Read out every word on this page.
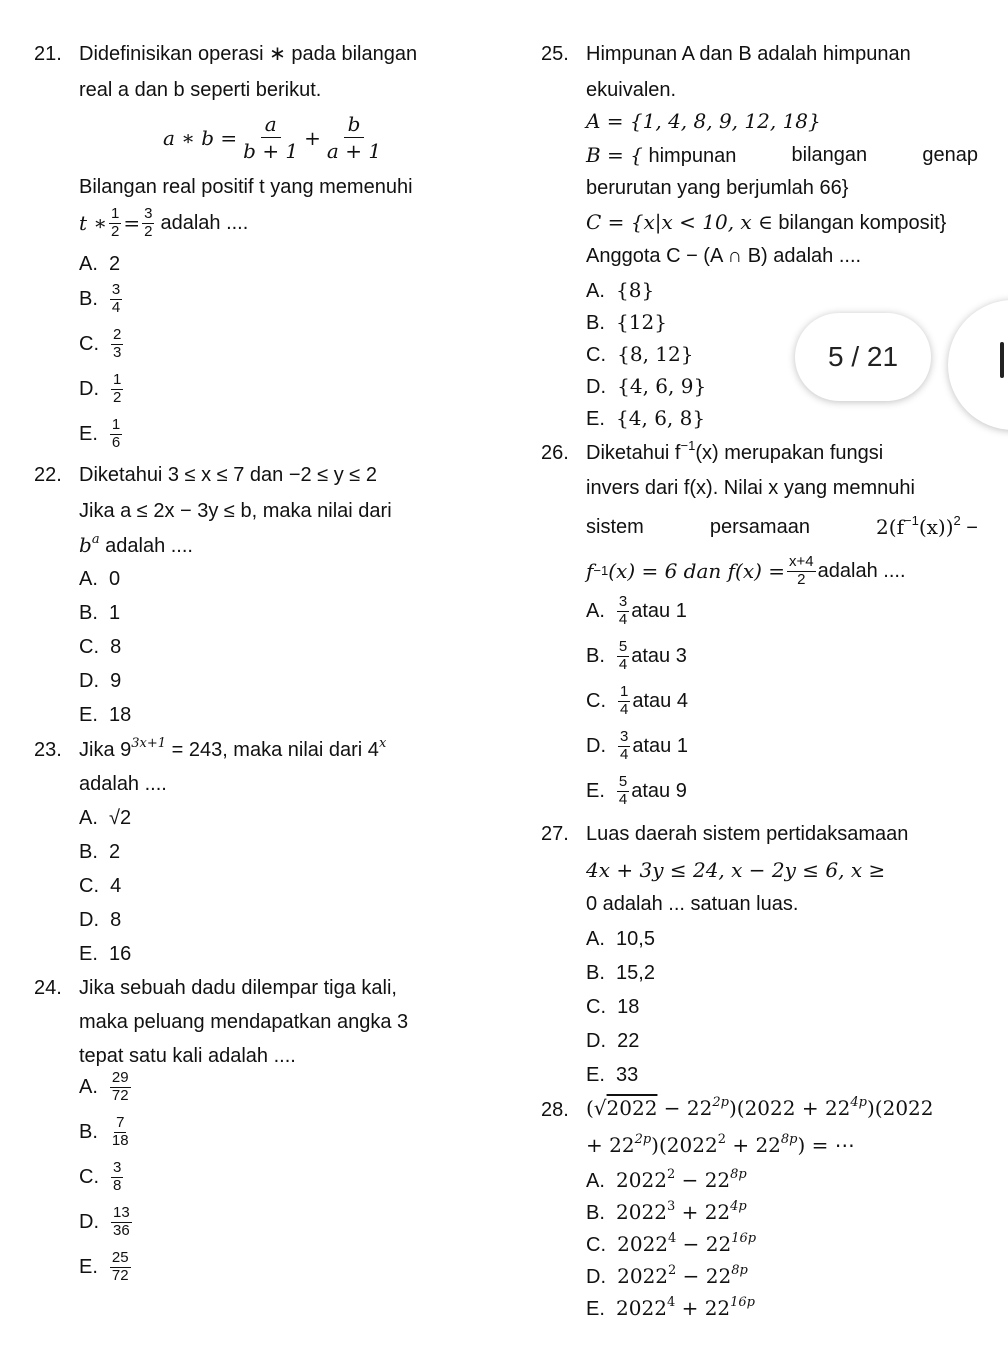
21. Didefinisikan operasi ∗ pada bilangan
real a dan b seperti berikut.
a ∗ $b = \frac{a}{b + 1} + \frac{b}{a + 1}$
Bilangan real positif t yang memenuhi
t ∗ $\frac{1}{2} = \frac{3}{2}$ adalah ....
A. 2
B. $\frac{3}{4}$
C. $\frac{2}{3}$
D. $\frac{1}{2}$
E. $\frac{1}{6}$
22. Diketahui 3 ≤ x ≤ 7 dan −2 ≤ y ≤ 2
Jika a ≤ 2x − 3y ≤ b, maka nilai dari
$b^a$ adalah ....
A. 0
B. 1
C. 8
D. 9
E. 18
23. Jika $9^{3x+1} = 243$, maka nilai dari 4$^x$
adalah ....
A. √2
B. 2
C. 4
D. 8
E. 16
24. Jika sebuah dadu dilempar tiga kali,
maka peluang mendapatkan angka 3
tepat satu kali adalah ....
A. $\frac{29}{72}$
B. $\frac{7}{18}$
C. $\frac{3}{8}$
D. $\frac{13}{36}$
E. $\frac{25}{72}$
25. Himpunan A dan B adalah himpunan
ekuivalen.
A = {1, 4, 8, 9, 12, 18}
B = { himpunan	bilangan	genap
berurutan yang berjumlah 66}
C = {x|x < 10, x ∈ bilangan komposit}
Anggota C − (A ∩ B) adalah ....
A. {8}
B. {12}
C. {8, 12}
D. {4, 6, 9}
E. {4, 6, 8}
26. Diketahui $f^{-1}(x)$ merupakan fungsi
invers dari f(x). Nilai x yang memnuhi
sistem	persamaan	$2(f^{-1}(x))^2$ −
f −1 (x) = 6 dan $f(x) = \frac{x+4}{2}$ adalah ....
A. $\frac{3}{4}$ atau 1
B. $\frac{5}{4}$ atau 3
C. $\frac{1}{4}$ atau 4
D. $\frac{3}{4}$ atau 1
E. $\frac{5}{4}$ atau 9
27. Luas daerah sistem pertidaksamaan
4x + 3y ≤ 24, x − 2y ≤ 6, x ≥
0 adalah ... satuan luas.
A. 10,5
B. 15,2
C. 18
D. 22
E. 33
28. $(√2022 - 22^{2p})(2022 + 22^{4p})(2022$
+ $22^{2p})(2022^2 + 22^{8p})$ = ⋯
A. $2022^2 - 22^{8p}$
B. $2022^3 + 22^{4p}$
C. $2022^4 - 22^{16p}$
D. $2022^2 - 22^{8p}$
E. $2022^4 + 22^{16p}$
5 / 21
